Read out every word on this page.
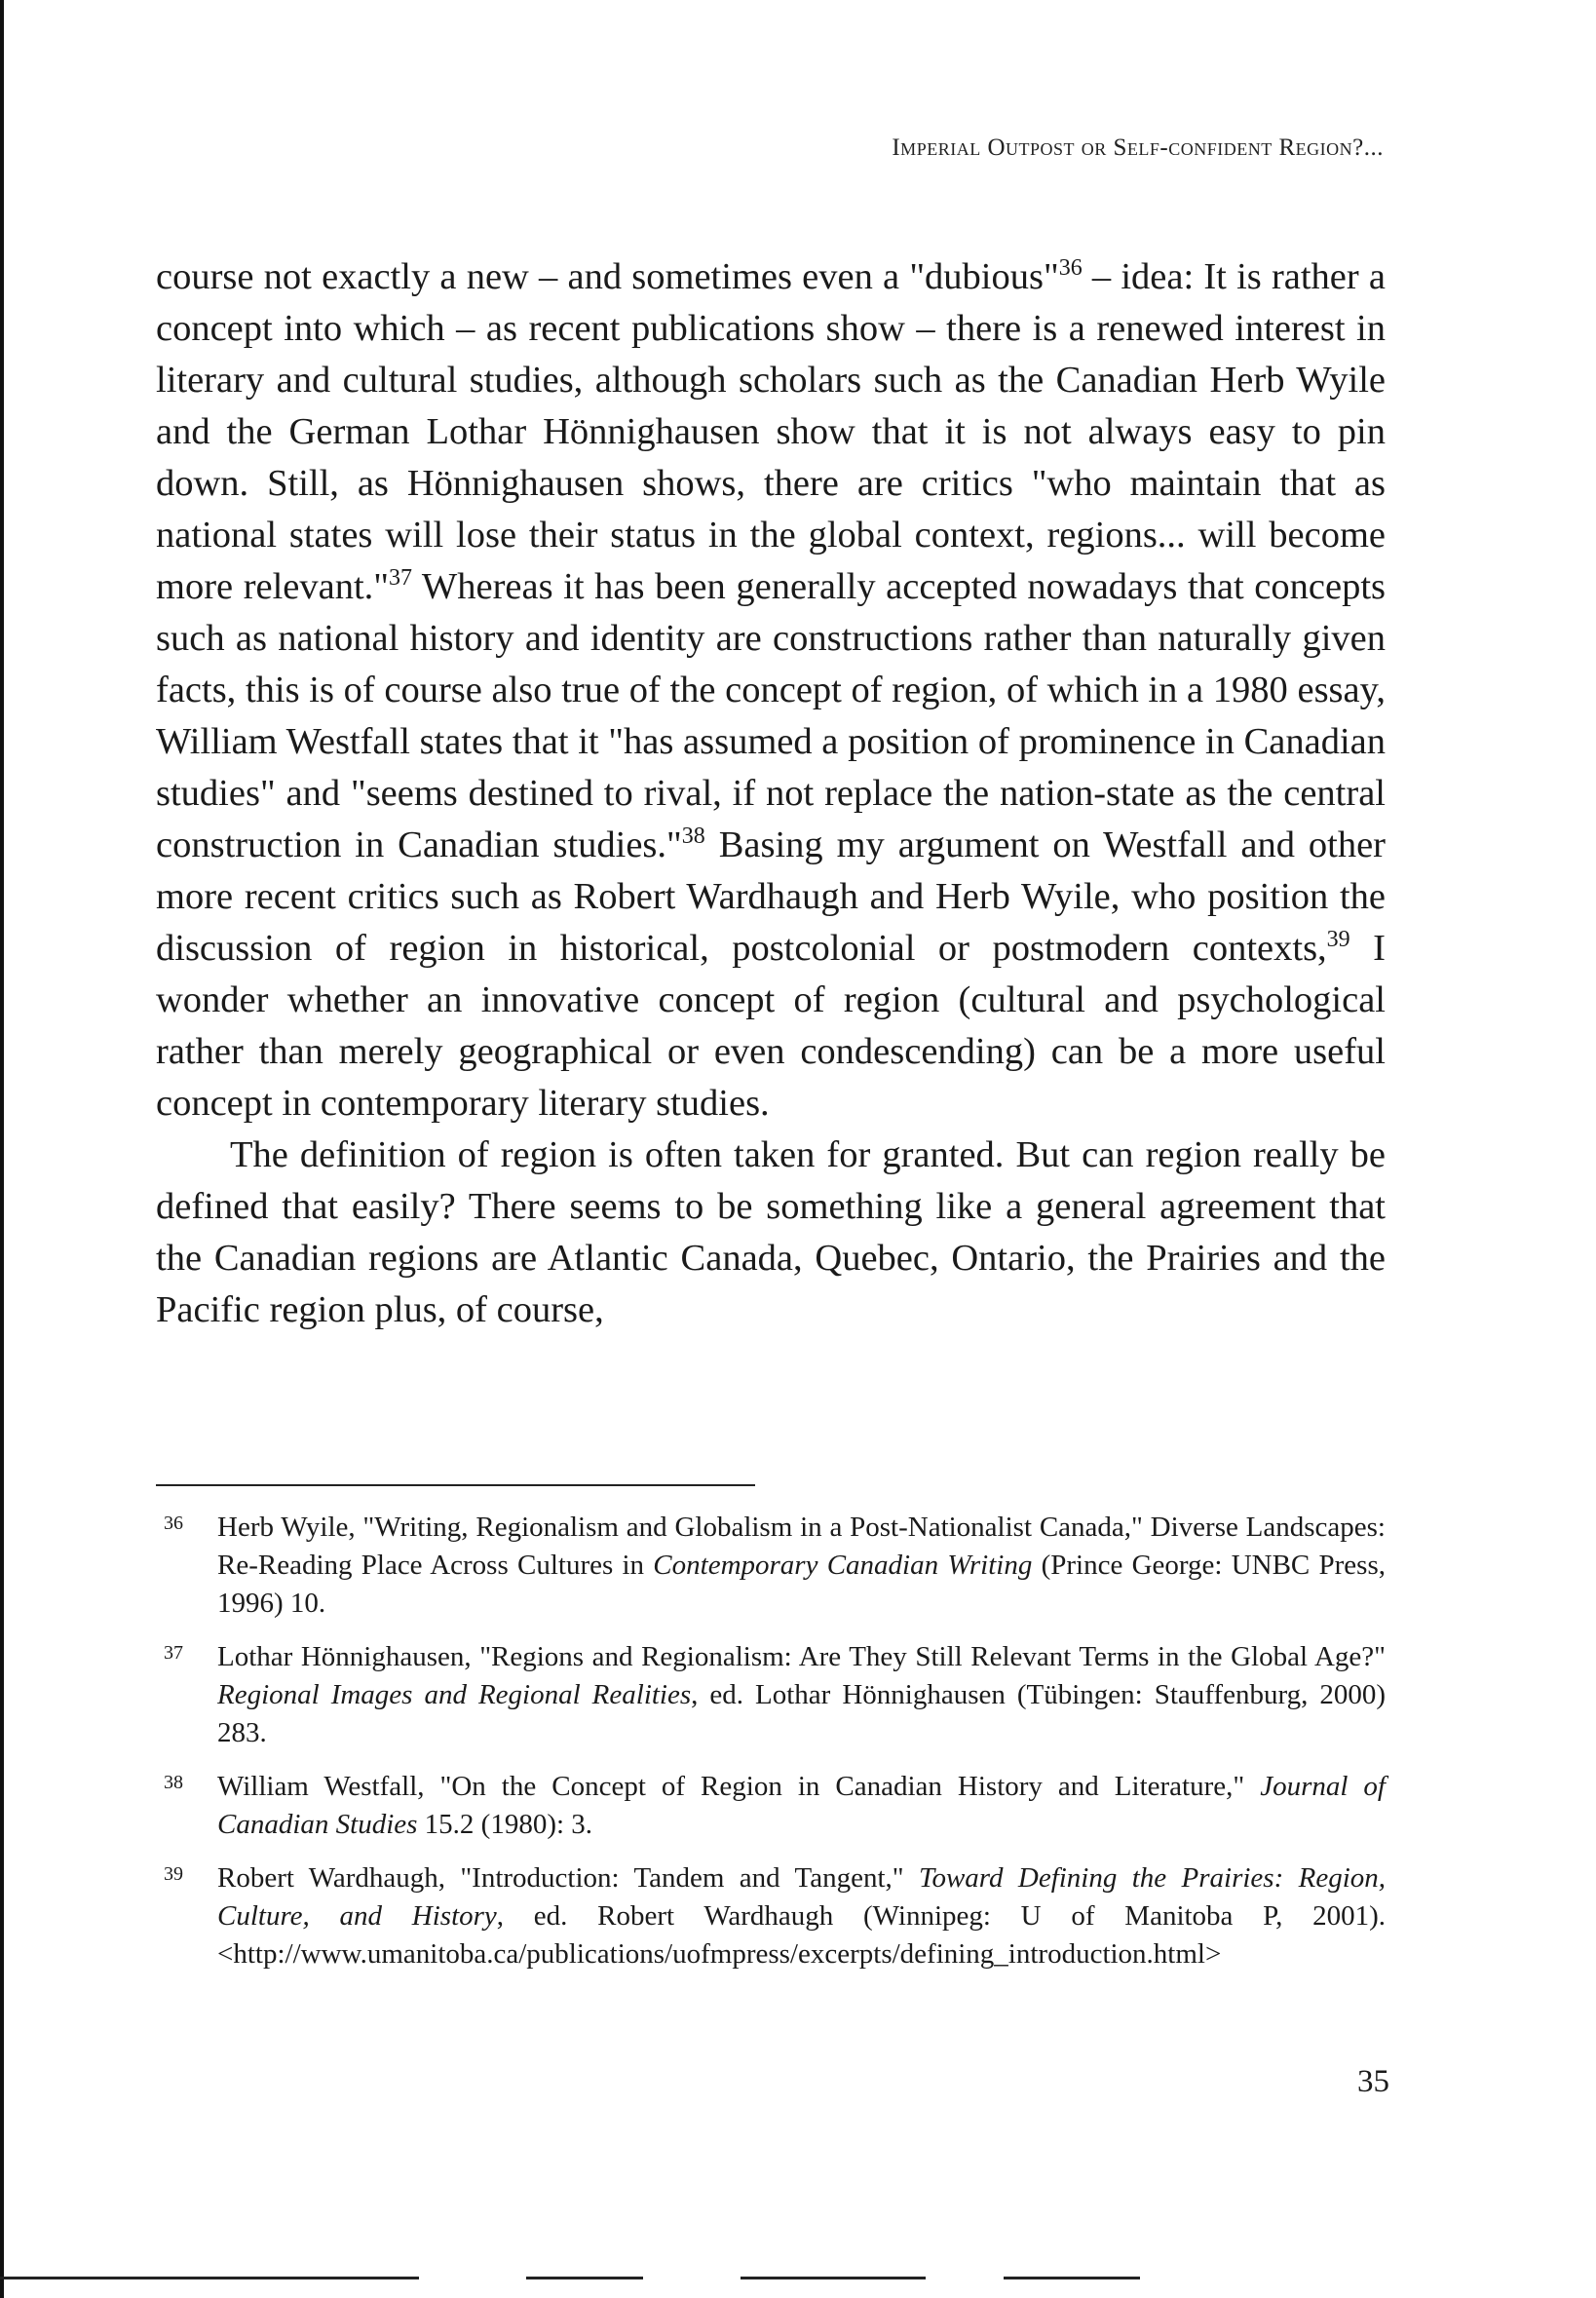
Imperial Outpost or Self-confident Region?...

course not exactly a new – and sometimes even a "dubious"$^{36}$ – idea: It is rather a concept into which – as recent publications show – there is a renewed interest in literary and cultural studies, although scholars such as the Canadian Herb Wyile and the German Lothar Hönnighausen show that it is not always easy to pin down. Still, as Hönnighausen shows, there are critics "who maintain that as national states will lose their status in the global context, regions... will become more relevant."$^{37}$ Whereas it has been generally accepted nowadays that concepts such as national history and identity are constructions rather than naturally given facts, this is of course also true of the concept of region, of which in a 1980 essay, William Westfall states that it "has assumed a position of prominence in Canadian studies" and "seems destined to rival, if not replace the nation-state as the central construction in Canadian studies."$^{38}$ Basing my argument on Westfall and other more recent critics such as Robert Wardhaugh and Herb Wyile, who position the discussion of region in historical, postcolonial or postmodern contexts,$^{39}$ I wonder whether an innovative concept of region (cultural and psychological rather than merely geographical or even condescending) can be a more useful concept in contemporary literary studies.

The definition of region is often taken for granted. But can region really be defined that easily? There seems to be something like a general agreement that the Canadian regions are Atlantic Canada, Quebec, Ontario, the Prairies and the Pacific region plus, of course,

36 Herb Wyile, "Writing, Regionalism and Globalism in a Post-Nationalist Canada," Diverse Landscapes: Re-Reading Place Across Cultures in Contemporary Canadian Writing (Prince George: UNBC Press, 1996) 10.
37 Lothar Hönnighausen, "Regions and Regionalism: Are They Still Relevant Terms in the Global Age?" Regional Images and Regional Realities, ed. Lothar Hönnighausen (Tübingen: Stauffenburg, 2000) 283.
38 William Westfall, "On the Concept of Region in Canadian History and Literature," Journal of Canadian Studies 15.2 (1980): 3.
39 Robert Wardhaugh, "Introduction: Tandem and Tangent," Toward Defining the Prairies: Region, Culture, and History, ed. Robert Wardhaugh (Winnipeg: U of Manitoba P, 2001). <http://www.umanitoba.ca/publications/uofmpress/excerpts/defining_introduction.html>
35
